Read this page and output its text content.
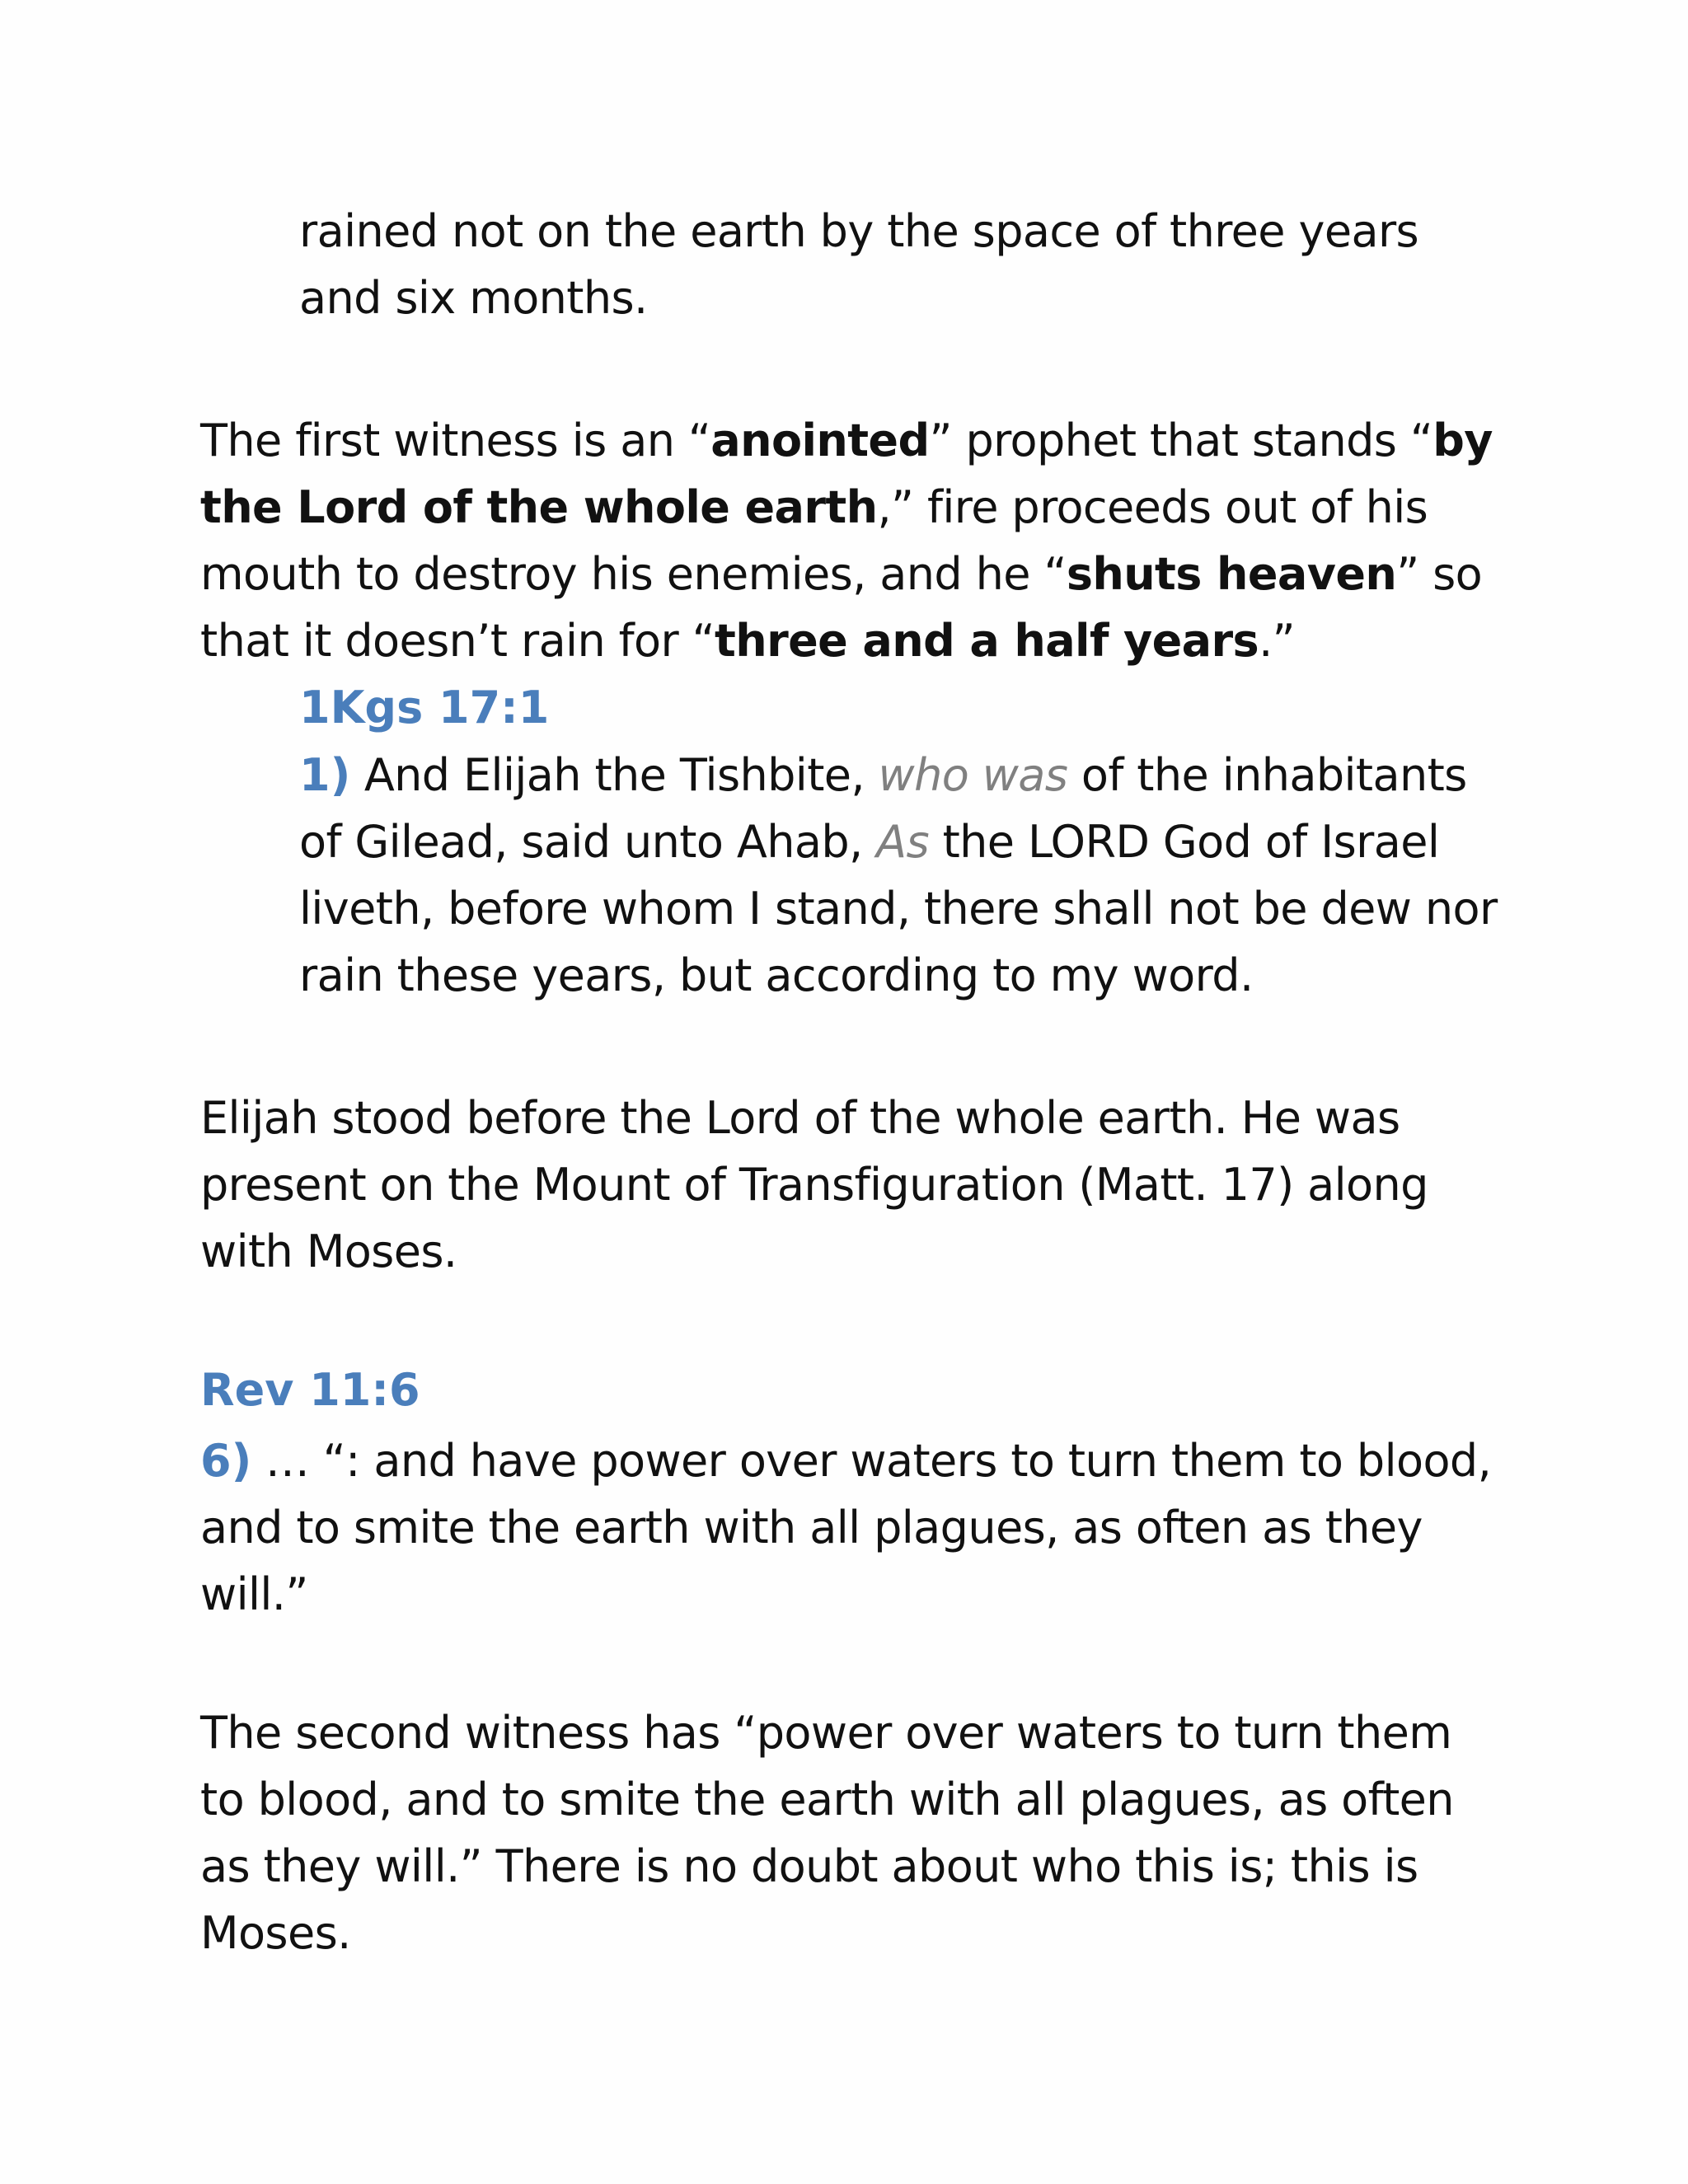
rained not on the earth by the space of three years and six months.

The first witness is an “anointed” prophet that stands “by the Lord of the whole earth,” fire proceeds out of his mouth to destroy his enemies, and he “shuts heaven” so that it doesn’t rain for “three and a half years.”

1Kgs 17:1

1) And Elijah the Tishbite, who was of the inhabitants of Gilead, said unto Ahab, As the LORD God of Israel liveth, before whom I stand, there shall not be dew nor rain these years, but according to my word.

Elijah stood before the Lord of the whole earth. He was present on the Mount of Transfiguration (Matt. 17) along with Moses.

Rev 11:6

6) … “: and have power over waters to turn them to blood, and to smite the earth with all plagues, as often as they will.”

The second witness has “power over waters to turn them to blood, and to smite the earth with all plagues, as often as they will.” There is no doubt about who this is; this is Moses.
